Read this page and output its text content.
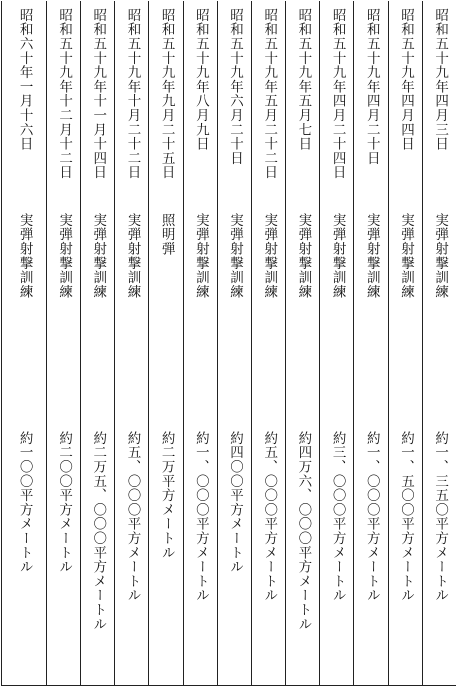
昭和五十九年四月三日
実弾射撃訓練
約一、三五〇平方メートル
昭和五十九年四月四日
実弾射撃訓練
約一、五〇〇平方メートル
昭和五十九年四月二十日
実弾射撃訓練
約一、〇〇〇平方メートル
昭和五十九年四月二十四日
実弾射撃訓練
約三、〇〇〇平方メートル
昭和五十九年五月七日
実弾射撃訓練
約四万六、〇〇〇平方メートル
昭和五十九年五月二十二日
実弾射撃訓練
約五、〇〇〇平方メートル
昭和五十九年六月二十日
実弾射撃訓練
約四〇〇平方メートル
昭和五十九年八月九日
実弾射撃訓練
約一、〇〇〇平方メートル
昭和五十九年九月二十五日
照明弾
約二万平方メートル
昭和五十九年十月二十二日
実弾射撃訓練
約五、〇〇〇平方メートル
昭和五十九年十一月十四日
実弾射撃訓練
約二万五、〇〇〇平方メートル
昭和五十九年十二月十二日
実弾射撃訓練
約二〇〇平方メートル
昭和六十年一月十六日
実弾射撃訓練
約一〇〇平方メートル
